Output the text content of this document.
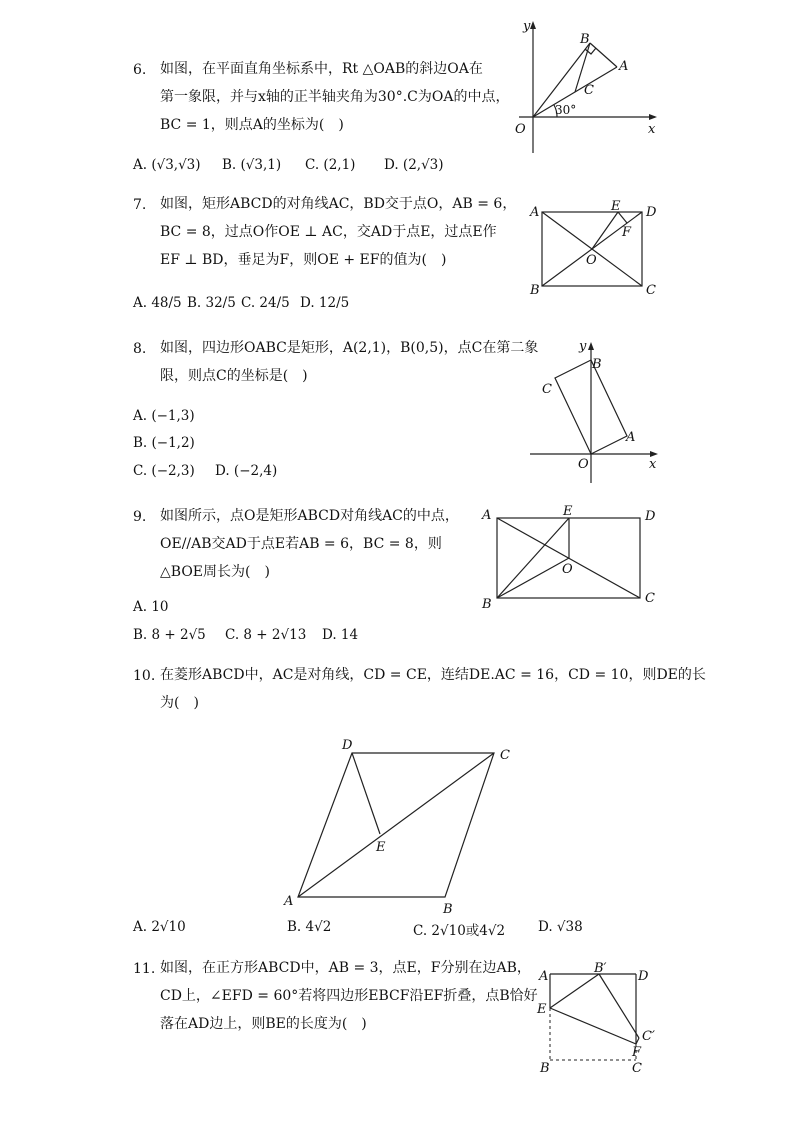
6. 如图，在平面直角坐标系中，Rt △OAB的斜边OA在
第一象限，并与x轴的正半轴夹角为30°.C为OA的中点，
BC = 1，则点A的坐标为(　)
A. (√3,√3) B. (√3,1) C. (2,1) D. (2,√3)
y
x
O
A
B
C
30°
7. 如图，矩形ABCD的对角线AC，BD交于点O，AB = 6，
BC = 8，过点O作OE ⊥ AC，交AD于点E，过点E作
EF ⊥ BD，垂足为F，则OE + EF的值为(　)
A. 48/5 B. 32/5 C. 24/5 D. 12/5
A	D
B	C
E
F
O
8. 如图，四边形OABC是矩形，A(2,1)，B(0,5)，点C在第二象
限，则点C的坐标是(　)
A. (−1,3)
B. (−1,2)
C. (−2,3) D. (−2,4)
y
x
O
A
B
C
9. 如图所示，点O是矩形ABCD对角线AC的中点，
OE//AB交AD于点E若AB = 6，BC = 8，则
△BOE周长为(　)
A. 10
B. 8 + 2√5 C. 8 + 2√13 D. 14
A	D
B	C
E
O
10. 在菱形ABCD中，AC是对角线，CD = CE，连结DE.AC = 16，CD = 10，则DE的长
为(　)
D
C
A
B
E
A. 2√10	B. 4√2	C. 2√10或4√2 D. √38
11. 如图，在正方形ABCD中，AB = 3，点E，F分别在边AB，
CD上，∠EFD = 60°若将四边形EBCF沿EF折叠，点B恰好
落在AD边上，则BE的长度为(　)
A	D
E
B	C
F
B′
C′
